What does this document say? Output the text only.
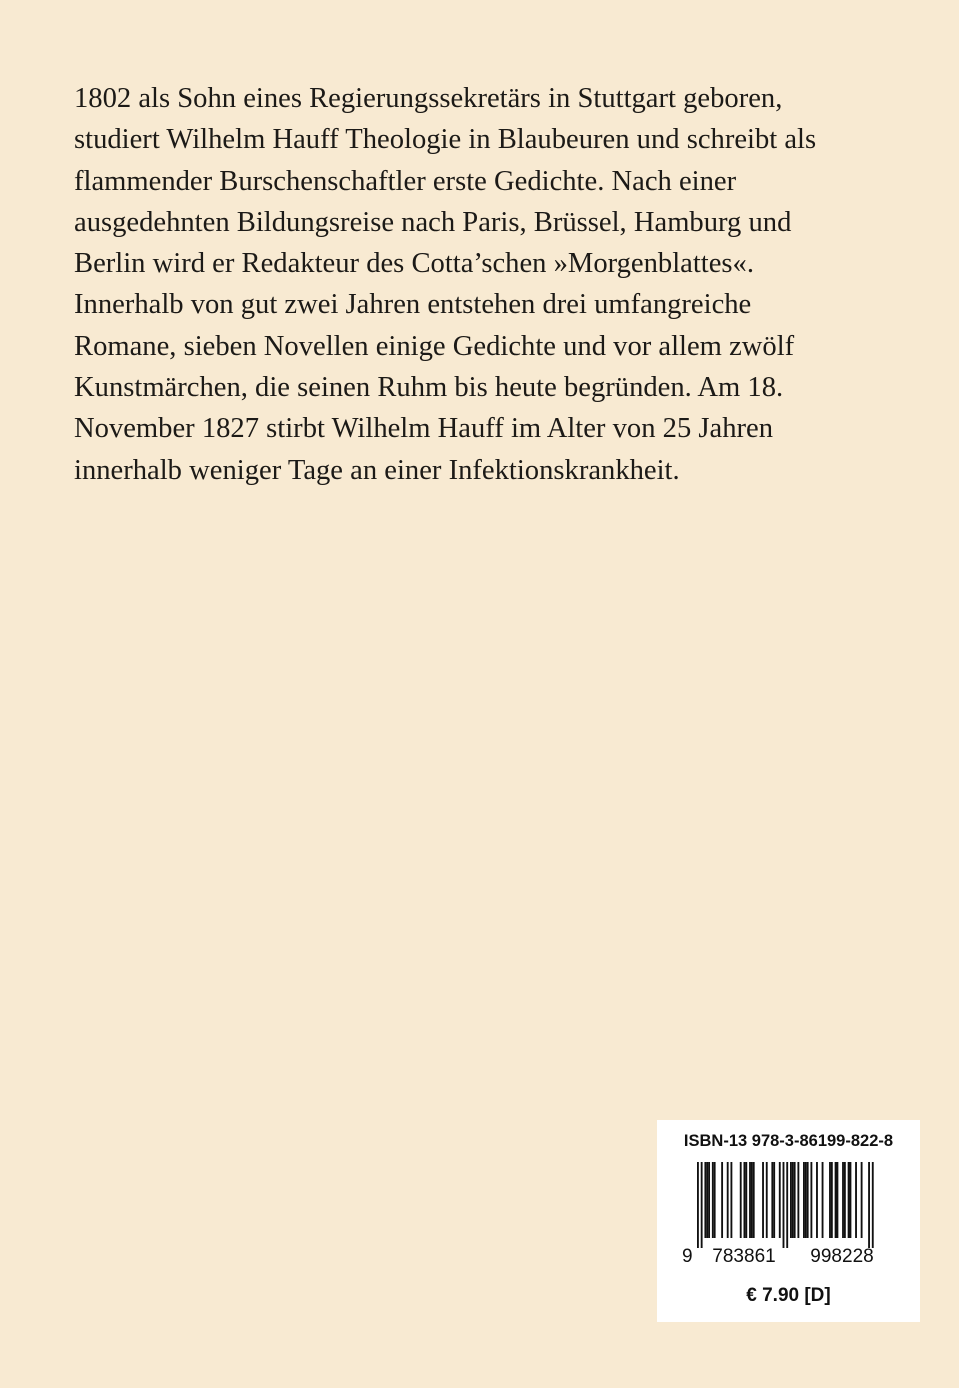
1802 als Sohn eines Regierungssekretärs in Stuttgart geboren,
studiert Wilhelm Hauff Theologie in Blaubeuren und schreibt als
flammender Burschenschaftler erste Gedichte. Nach einer
ausgedehnten Bildungsreise nach Paris, Brüssel, Hamburg und
Berlin wird er Redakteur des Cotta’schen »Morgenblattes«.
Innerhalb von gut zwei Jahren entstehen drei umfangreiche
Romane, sieben Novellen einige Gedichte und vor allem zwölf
Kunstmärchen, die seinen Ruhm bis heute begründen. Am 18.
November 1827 stirbt Wilhelm Hauff im Alter von 25 Jahren
innerhalb weniger Tage an einer Infektionskrankheit.

ISBN-13 978-3-86199-822-8
9 783861 998228
€ 7.90 [D]
